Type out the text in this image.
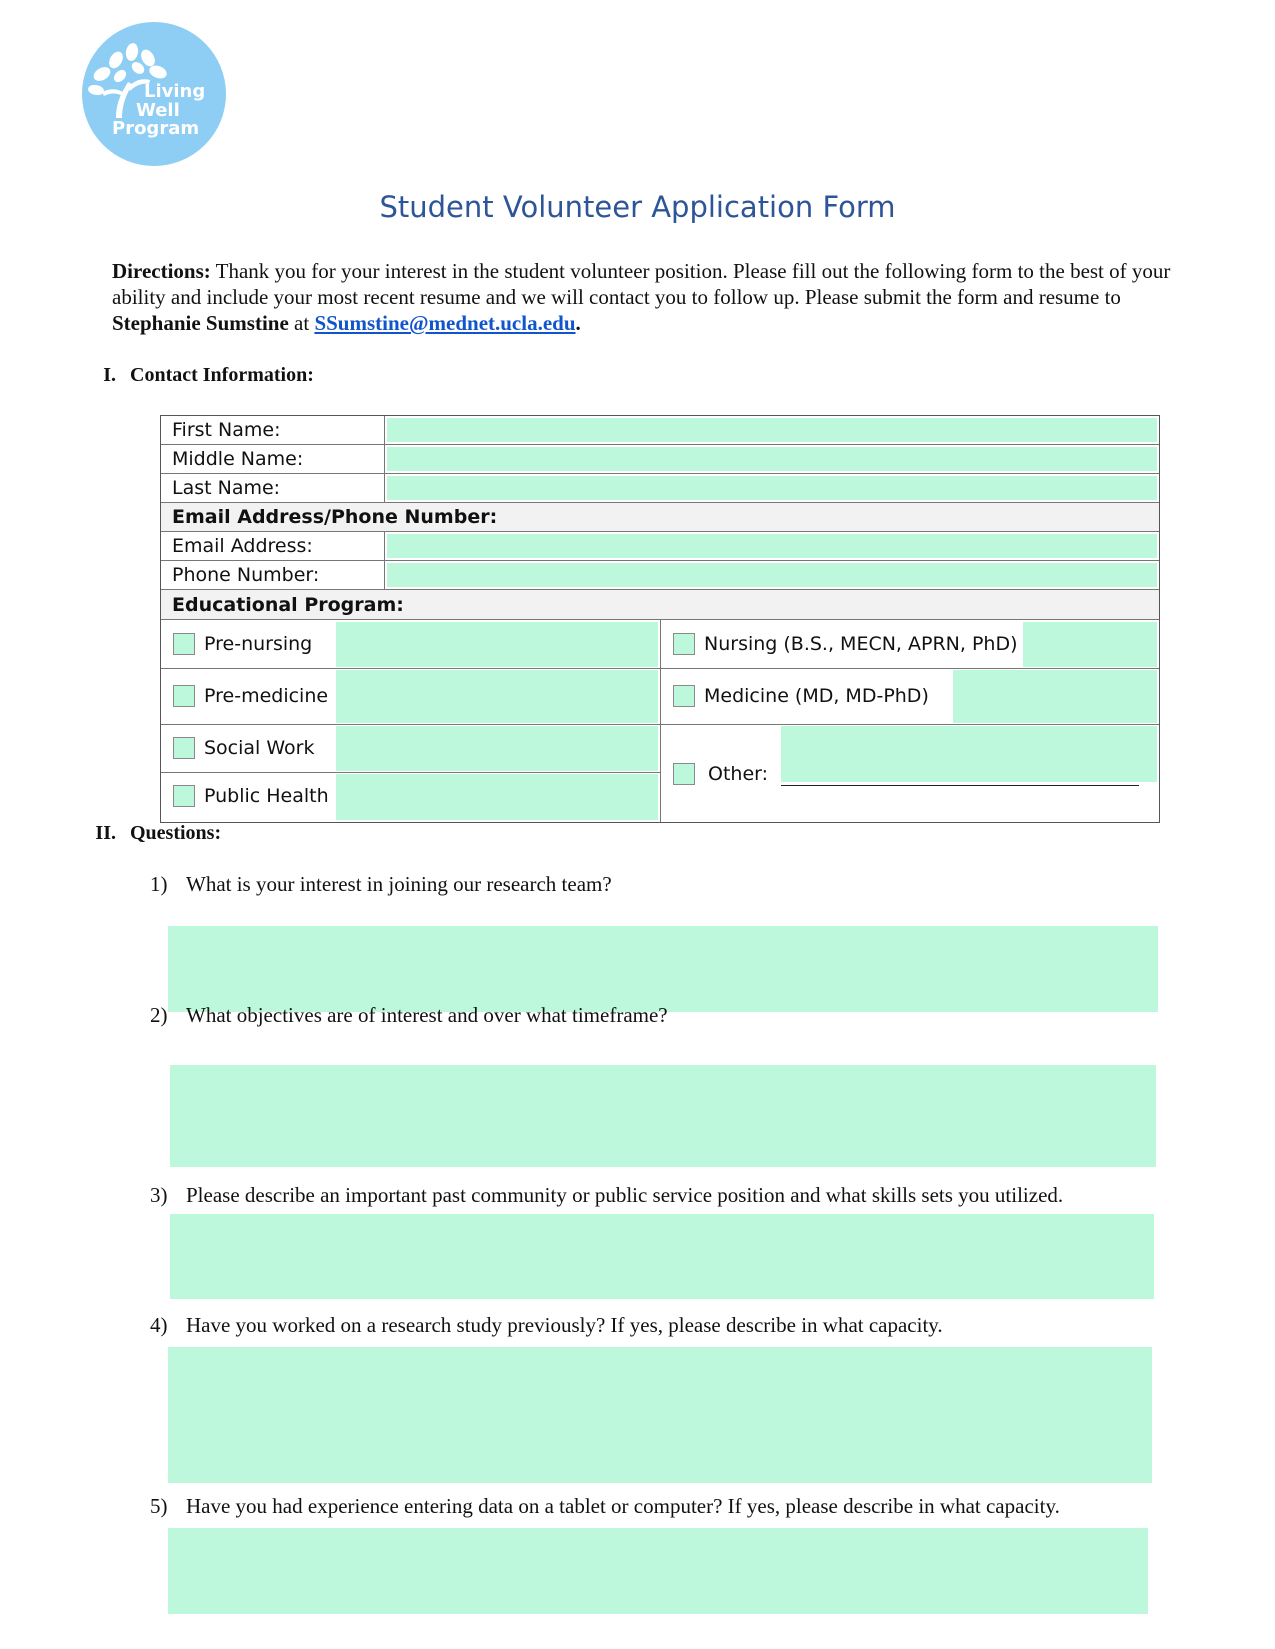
Living
Well
Program
Student Volunteer Application Form
Directions: Thank you for your interest in the student volunteer position. Please fill out the following form to the best of your ability and include your most recent resume and we will contact you to follow up. Please submit the form and resume to Stephanie Sumstine at SSumstine@mednet.ucla.edu.
I. Contact Information:
First Name:
Middle Name:
Last Name:
Email Address/Phone Number:
Email Address:
Phone Number:
Educational Program:
Pre-nursing
Pre-medicine
Social Work
Public Health
Nursing (B.S., MECN, APRN, PhD)
Medicine (MD, MD-PhD)
Other:
II. Questions:
1) What is your interest in joining our research team?
2) What objectives are of interest and over what timeframe?
3) Please describe an important past community or public service position and what skills sets you utilized.
4) Have you worked on a research study previously? If yes, please describe in what capacity.
5) Have you had experience entering data on a tablet or computer? If yes, please describe in what capacity.
